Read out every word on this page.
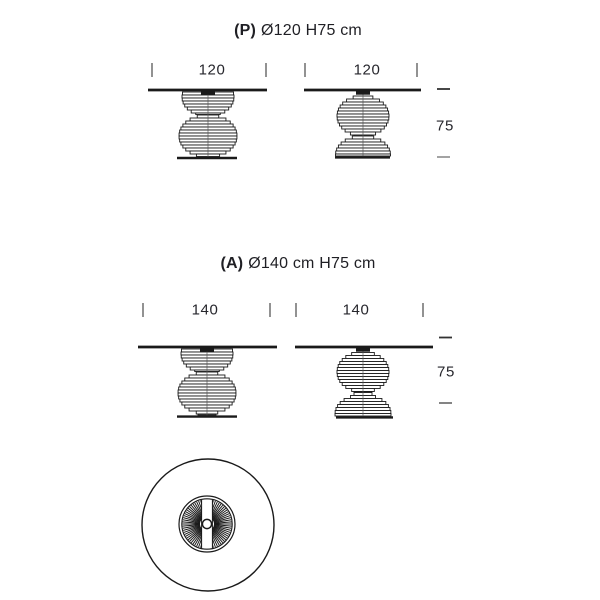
(P) Ø120 H75 cm
120	120
75
(A) Ø140 cm H75 cm
140	140
75
